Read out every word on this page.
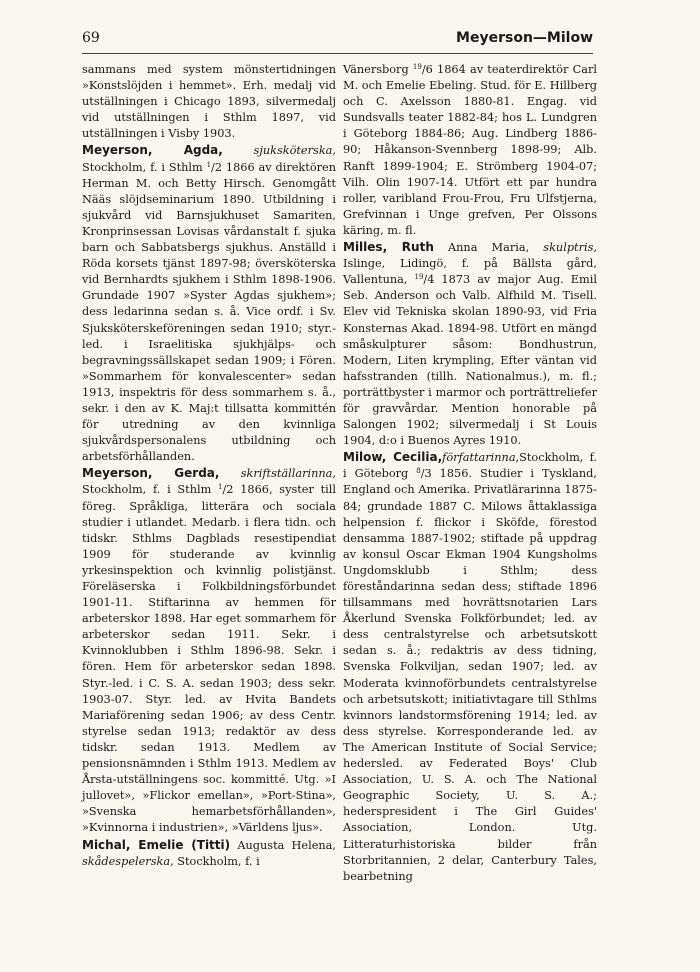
69	Meyerson—Milow

sammans med system mönstertidningen »Konstslöjden i hemmet». Erh. medalj vid utställningen i Chicago 1893, silvermedalj vid utställningen i Sthlm 1897, vid utställningen i Visby 1903.

Meyerson, Agda,	sjuksköterska, Stockholm, f. i Sthlm $^1$/2 1866 av direktören Herman M. och Betty Hirsch. Genomgått Nääs slöjdseminarium 1890. Utbildning i sjukvård vid Barnsjukhuset Samariten, Kronprinsessan Lovisas vårdanstalt f. sjuka barn och Sabbatsbergs sjukhus. Anställd i Röda korsets tjänst 1897-98; översköterska vid Bernhardts sjukhem i Sthlm 1898-1906. Grundade 1907 »Syster Agdas sjukhem»; dess ledarinna sedan s. å. Vice ordf. i Sv. Sjuksköterskeföreningen sedan 1910; styr.-led. i Israelitiska sjukhjälps- och begravningssällskapet sedan 1909; i Fören. »Sommarhem för konvalescenter» sedan 1913, inspektris för dess sommarhem s. å., sekr. i den av K. Maj:t tillsatta kommittén för utredning av den kvinnliga sjukvårdspersonalens utbildning och arbetsförhållanden.

Meyerson, Gerda, skriftställarinna, Stockholm, f. i Sthlm $^1$/2 1866, syster till föreg. Språkliga, litterära och sociala studier i utlandet. Medarb. i flera tidn. och tidskr. Sthlms Dagblads resestipendiat 1909 för studerande av kvinnlig yrkesinspektion och kvinnlig polistjänst. Föreläserska i Folkbildningsförbundet 1901-11. Stiftarinna av hemmen för arbeterskor 1898. Har eget sommarhem för arbeterskor sedan 1911. Sekr. i Kvinnoklubben i Sthlm 1896-98. Sekr. i fören. Hem för arbeterskor sedan 1898. Styr.-led. i C. S. A. sedan 1903; dess sekr. 1903-07. Styr. led. av Hvita Bandets Mariaförening sedan 1906; av dess Centr. styrelse sedan 1913; redaktör av dess tidskr. sedan 1913. Medlem av pensionsnämnden i Sthlm 1913. Medlem av Årsta-utställningens soc. kommitté. Utg. »I jullovet», »Flickor emellan», »Port-Stina», »Svenska hemarbetsförhållanden», »Kvinnorna i industrien», »Världens ljus».

Michal, Emelie (Titti) Augusta Helena, skådespelerska, Stockholm, f. i

Vänersborg $^{19}$/6 1864 av teaterdirektör Carl M. och Emelie Ebeling. Stud. för E. Hillberg och C. Axelsson 1880-81. Engag. vid Sundsvalls teater 1882-84; hos L. Lundgren i Göteborg 1884-86; Aug. Lindberg 1886-90; Håkanson-Svennberg 1898-99; Alb. Ranft 1899-1904; E. Strömberg 1904-07; Vilh. Olin 1907-14. Utfört ett par hundra roller, varibland Frou-Frou, Fru Ulfstjerna, Grefvinnan i Unge grefven, Per Olssons käring, m. fl.

Milles, Ruth Anna Maria, skulptris, Islinge, Lidingö, f. på Bällsta gård, Vallentuna, $^{19}$/4 1873 av major Aug. Emil Seb. Anderson och Valb. Alfhild M. Tisell. Elev vid Tekniska skolan 1890-93, vid Fria Konsternas Akad. 1894-98. Utfört en mängd småskulpturer såsom: Bondhustrun, Modern, Liten krympling, Efter väntan vid hafsstranden (tillh. Nationalmus.), m. fl.; porträttbyster i marmor och porträttreliefer för gravvårdar. Mention honorable på Salongen 1902; silvermedalj i St Louis 1904, d:o i Buenos Ayres 1910.

Milow, Cecilia,författarinna,Stockholm, f. i Göteborg $^8$/3 1856. Studier i Tyskland, England och Amerika. Privatlärarinna 1875-84; grundade 1887 C. Milows åttaklassiga helpension f. flickor i Sköfde, förestod densamma 1887-1902; stiftade på uppdrag av konsul Oscar Ekman 1904 Kungsholms Ungdomsklubb i Sthlm; dess föreståndarinna sedan dess; stiftade 1896 tillsammans med hovrättsnotarien Lars Åkerlund Svenska Folkförbundet; led. av dess centralstyrelse och arbetsutskott sedan s. å.; redaktris av dess tidning, Svenska Folkviljan, sedan 1907; led. av Moderata kvinnoförbundets centralstyrelse och arbetsutskott; initiativtagare till Sthlms kvinnors landstormsförening 1914; led. av dess styrelse. Korresponderande led. av The American Institute of Social Service; hedersled. av Federated Boys' Club Association, U. S. A. och The National Geographic Society, U. S. A.; hederspresident i The Girl Guides' Association, London. Utg. Litteraturhistoriska bilder från Storbritannien, 2 delar, Canterbury Tales, bearbetning
